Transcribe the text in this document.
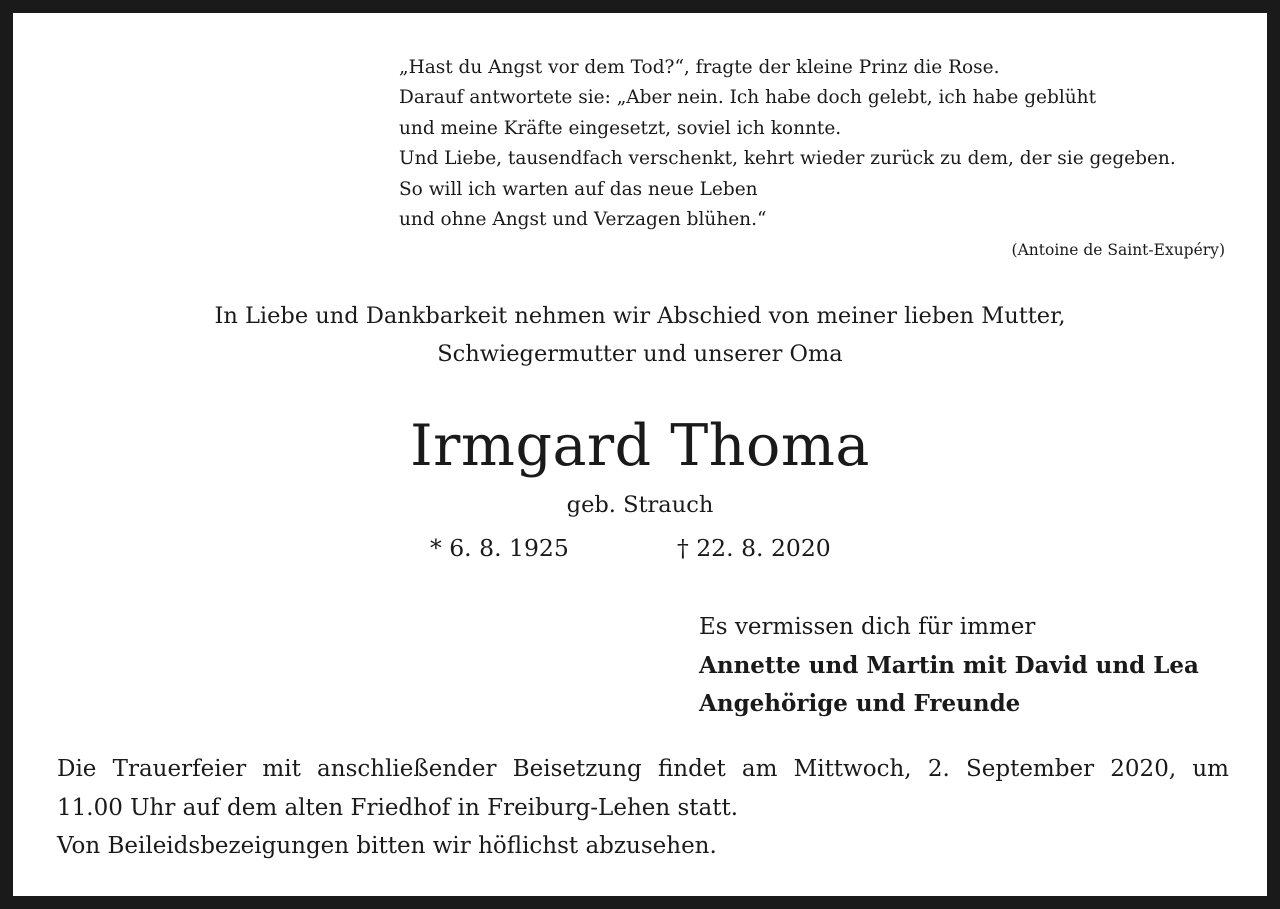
„Hast du Angst vor dem Tod?“, fragte der kleine Prinz die Rose.
Darauf antwortete sie: „Aber nein. Ich habe doch gelebt, ich habe geblüht
und meine Kräfte eingesetzt, soviel ich konnte.
Und Liebe, tausendfach verschenkt, kehrt wieder zurück zu dem, der sie gegeben.
So will ich warten auf das neue Leben
und ohne Angst und Verzagen blühen.“
(Antoine de Saint-Exupéry)
In Liebe und Dankbarkeit nehmen wir Abschied von meiner lieben Mutter,
Schwiegermutter und unserer Oma
Irmgard Thoma
geb. Strauch
* 6. 8. 1925	† 22. 8. 2020
Es vermissen dich für immer
Annette und Martin mit David und Lea
Angehörige und Freunde
Die Trauerfeier mit anschließender Beisetzung findet am Mittwoch, 2. September 2020, um
11.00 Uhr auf dem alten Friedhof in Freiburg-Lehen statt.
Von Beileidsbezeigungen bitten wir höflichst abzusehen.
